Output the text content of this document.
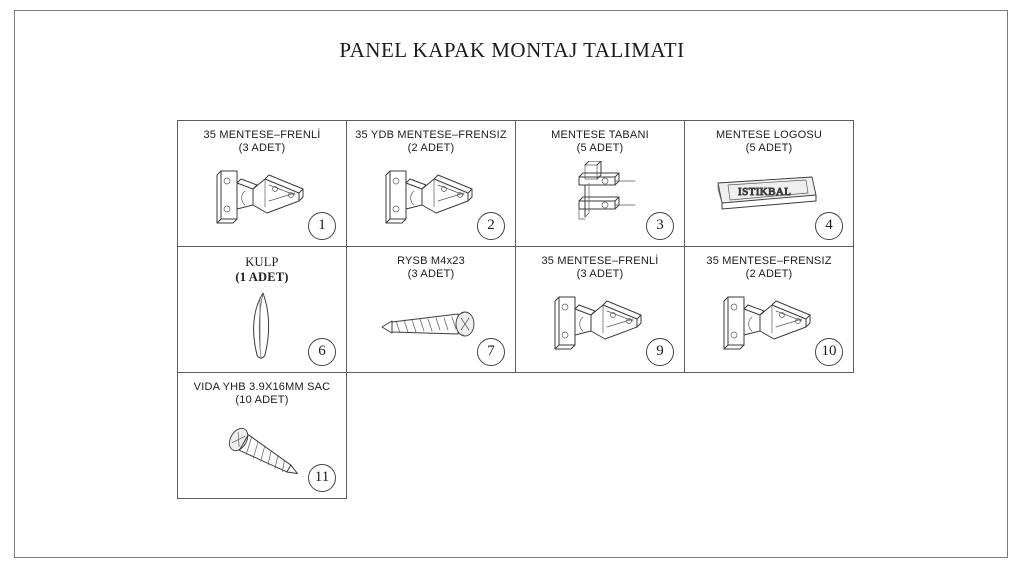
PANEL KAPAK MONTAJ TALIMATI
35 MENTESE–FRENLİ
(3 ADET)
1
35 YDB MENTESE–FRENSIZ
(2 ADET)
2
MENTESE TABANI
(5 ADET)
3
MENTESE LOGOSU
(5 ADET)
ISTIKBAL
4
KULP
(1 ADET)
6
RYSB M4x23
(3 ADET)
7
35 MENTESE–FRENLİ
(3 ADET)
9
35 MENTESE–FRENSIZ
(2 ADET)
10
VIDA YHB 3.9X16MM SAC
(10 ADET)
11
